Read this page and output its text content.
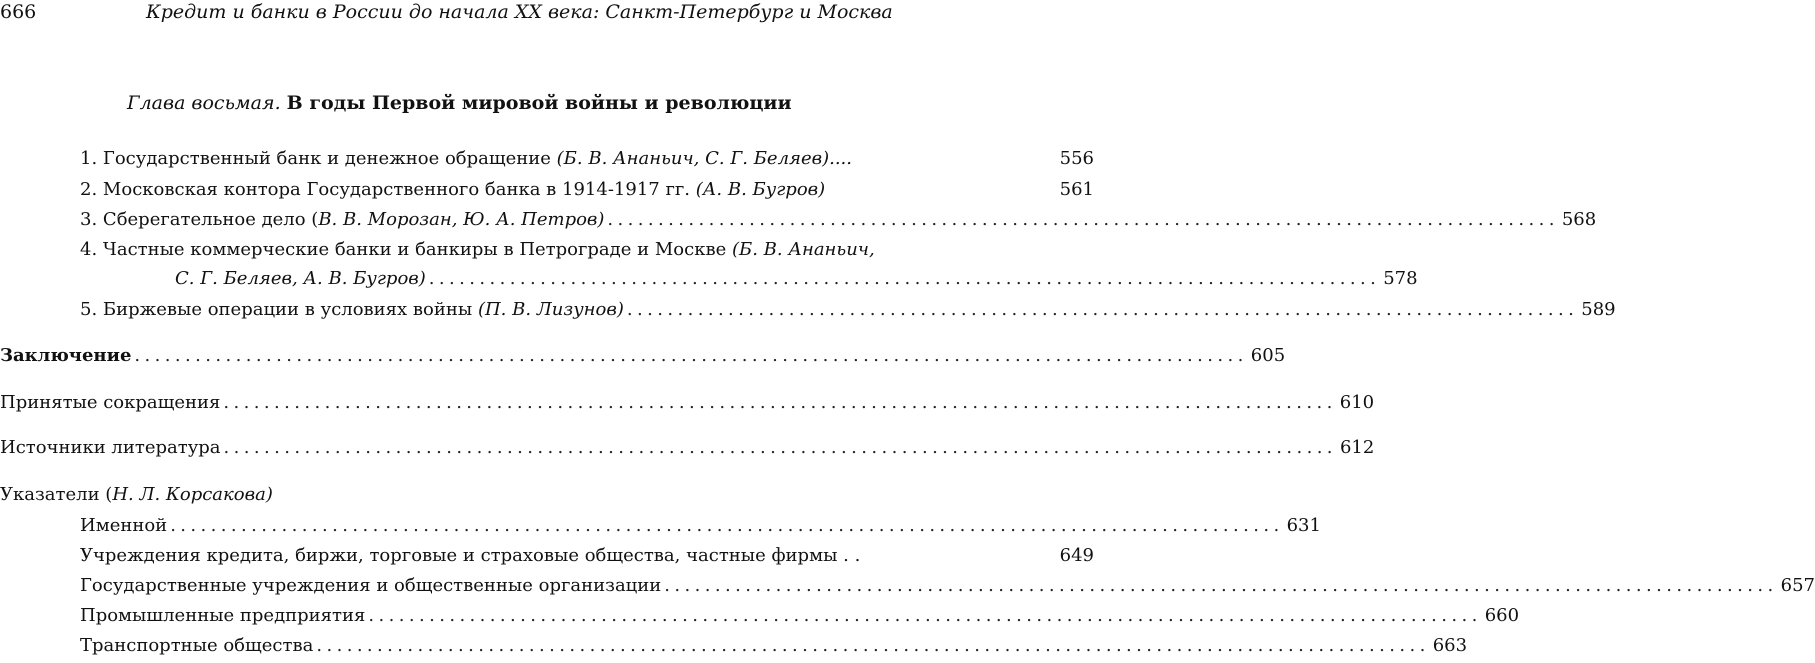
666	Кредит и банки в России до начала XX века: Санкт-Петербург и Москва
Глава восьмая. В годы Первой мировой войны и революции
1. Государственный банк и денежное обращение (Б. В. Ананьич, С. Г. Беляев)....	556
2. Московская контора Государственного банка в 1914-1917 гг. (А. В. Бугров)	561
3. Сберегательное дело (В. В. Морозан, Ю. А. Петров) .............................................................................................. 568
4. Частные коммерческие банки и банкиры в Петрограде и Москве (Б. В. Ананьич,
С. Г. Беляев, А. В. Бугров) .............................................................................................. 578
5. Биржевые операции в условиях войны (П. В. Лизунов) .............................................................................................. 589
Заключение .............................................................................................................. 605
Принятые сокращения .............................................................................................................. 610
Источники литература .............................................................................................................. 612
Указатели (Н. Л. Корсакова)
Именной .............................................................................................................. 631
Учреждения кредита, биржи, торговые и страховые общества, частные фирмы . .	649
Государственные учреждения и общественные организации .............................................................................................................. 657
Промышленные предприятия .............................................................................................................. 660
Транспортные общества .............................................................................................................. 663
